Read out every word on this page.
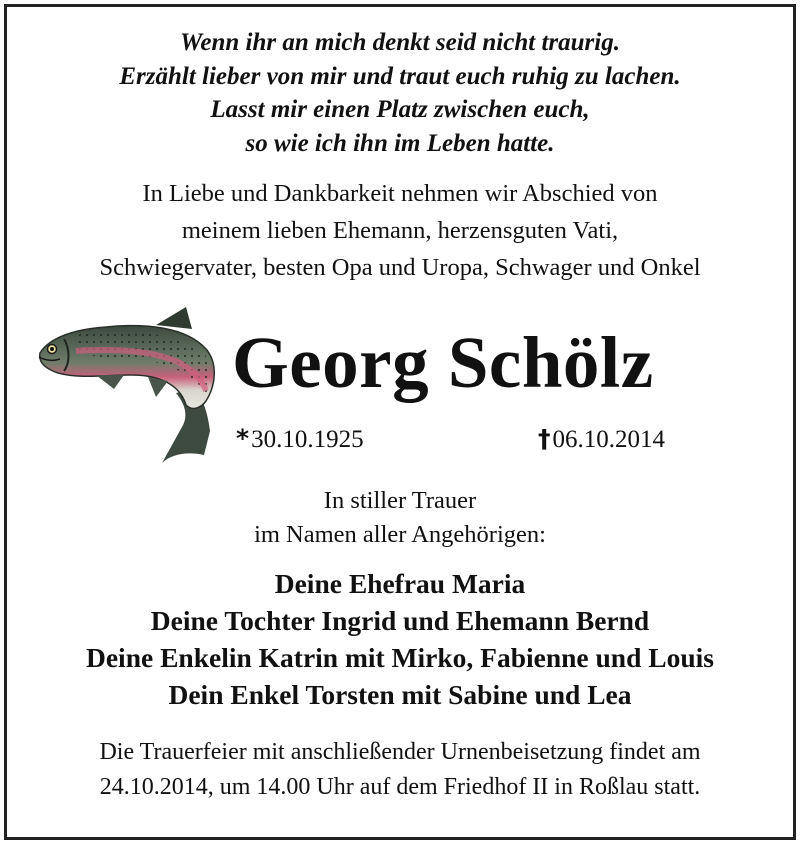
Wenn ihr an mich denkt seid nicht traurig.
Erzählt lieber von mir und traut euch ruhig zu lachen.
Lasst mir einen Platz zwischen euch,
so wie ich ihn im Leben hatte.
In Liebe und Dankbarkeit nehmen wir Abschied von
meinem lieben Ehemann, herzensguten Vati,
Schwiegervater, besten Opa und Uropa, Schwager und Onkel
Georg Schölz
*30.10.1925	†06.10.2014
In stiller Trauer
im Namen aller Angehörigen:
Deine Ehefrau Maria
Deine Tochter Ingrid und Ehemann Bernd
Deine Enkelin Katrin mit Mirko, Fabienne und Louis
Dein Enkel Torsten mit Sabine und Lea
Die Trauerfeier mit anschließender Urnenbeisetzung findet am
24.10.2014, um 14.00 Uhr auf dem Friedhof II in Roßlau statt.
